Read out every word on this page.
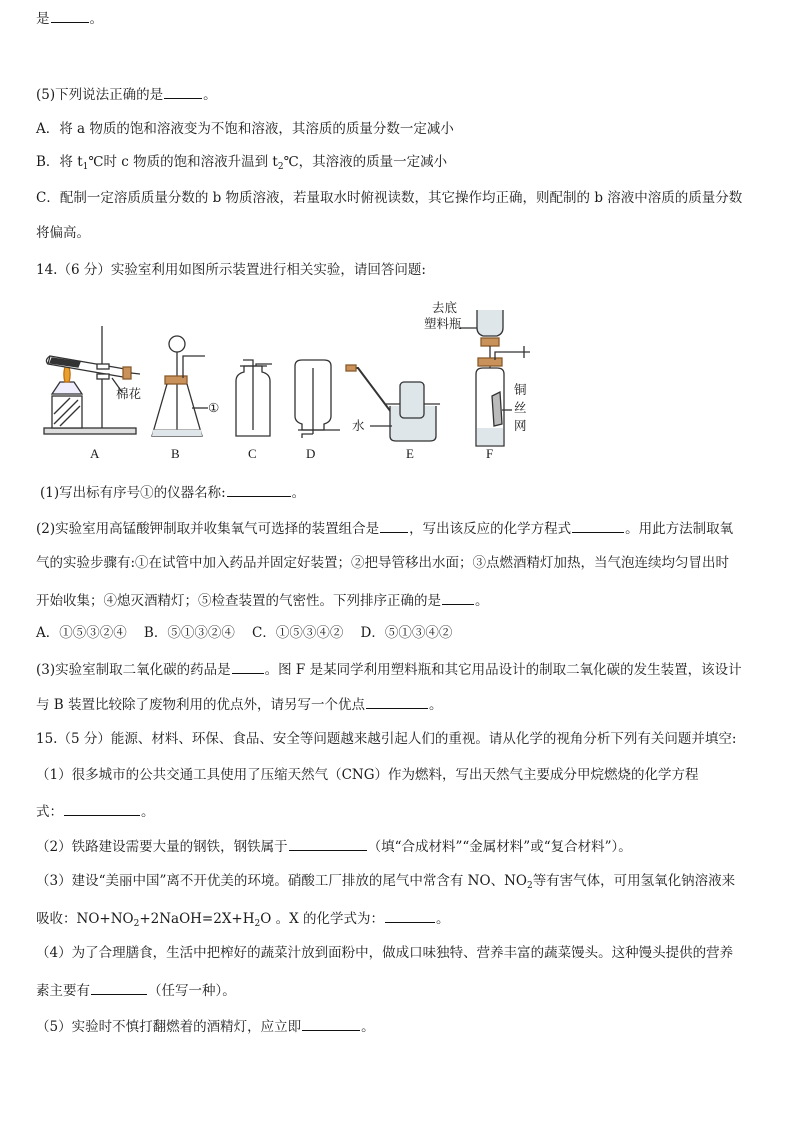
是	。
(5)下列说法正确的是	。
A．将 a 物质的饱和溶液变为不饱和溶液，其溶质的质量分数一定减小
B．将 $t_1℃$时 c 物质的饱和溶液升温到 $t_2℃$，其溶液的质量一定减小
C．配制一定溶质质量分数的 b 物质溶液，若量取水时俯视读数，其它操作均正确，则配制的 b 溶液中溶质的质量分数
将偏高。
14.（6 分）实验室利用如图所示装置进行相关实验，请回答问题:
棉花
①
水
去底
塑料瓶
铜
丝
网
A	B	C	D	E	F
(1)写出标有序号①的仪器名称:	。
(2)实验室用高锰酸钾制取并收集氧气可选择的装置组合是 ，写出该反应的化学方程式	。用此方法制取氧
气的实验步骤有:①在试管中加入药品并固定好装置；②把导管移出水面；③点燃酒精灯加热，当气泡连续均匀冒出时
开始收集；④熄灭酒精灯；⑤检查装置的气密性。下列排序正确的是	。
A．①⑤③②④    B．⑤①③②④    C．①⑤③④②    D．⑤①③④②
(3)实验室制取二氧化碳的药品是	。图 F 是某同学利用塑料瓶和其它用品设计的制取二氧化碳的发生装置，该设计
与 B 装置比较除了废物利用的优点外，请另写一个优点	。
15.（5 分）能源、材料、环保、食品、安全等问题越来越引起人们的重视。请从化学的视角分析下列有关问题并填空:
（1）很多城市的公共交通工具使用了压缩天然气（CNG）作为燃料，写出天然气主要成分甲烷燃烧的化学方程
式：	。
（2）铁路建设需要大量的钢铁，钢铁属于	（填“合成材料”“金属材料”或“复合材料”）。
（3）建设“美丽中国”离不开优美的环境。硝酸工厂排放的尾气中常含有 NO、$NO_2$等有害气体，可用氢氧化钠溶液来
吸收：$NO+NO_2+2NaOH=2X+H_2O$ 。X 的化学式为：	。
（4）为了合理膳食，生活中把榨好的蔬菜汁放到面粉中，做成口味独特、营养丰富的蔬菜馒头。这种馒头提供的营养
素主要有	（任写一种）。
（5）实验时不慎打翻燃着的酒精灯，应立即	。
